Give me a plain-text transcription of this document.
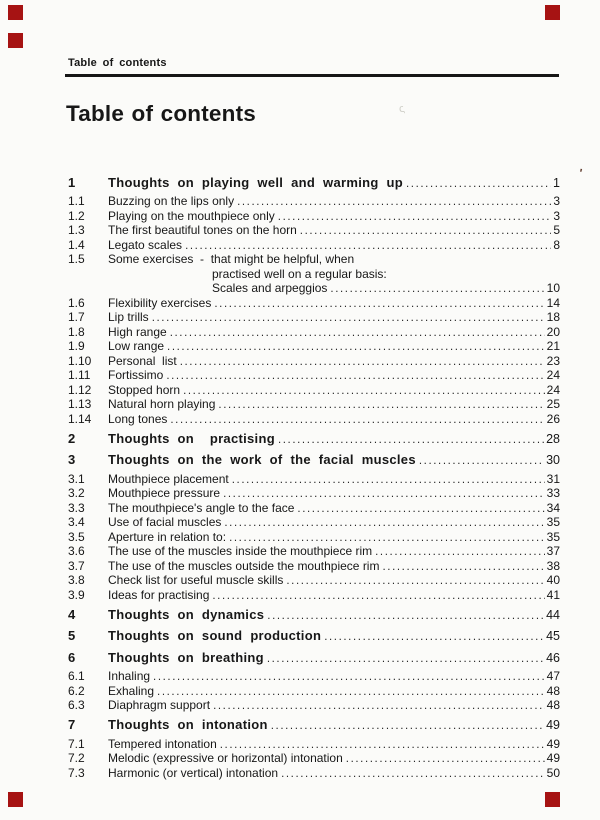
Table of contents
Table of contents
1	Thoughts on playing well and warming up .....	1
1.1	Buzzing on the lips only .....	3
1.2	Playing on the mouthpiece only .....	3
1.3	The first beautiful tones on the horn .....	5
1.4	Legato scales .....	8
1.5	Some exercises  -  that might be helpful, when
practised well on a regular basis:
Scales and arpeggios .....	10
1.6	Flexibility exercises .....	14
1.7	Lip trills .....	18
1.8	High range .....	20
1.9	Low range .....	21
1.10	Personal  list .....	23
1.11	Fortissimo .....	24
1.12	Stopped horn .....	24
1.13	Natural horn playing .....	25
1.14	Long tones .....	26
2	Thoughts on  practising .....	28
3	Thoughts on the work of the facial muscles .....	30
3.1	Mouthpiece placement .....	31
3.2	Mouthpiece pressure .....	33
3.3	The mouthpiece's angle to the face .....	34
3.4	Use of facial muscles .....	35
3.5	Aperture in relation to: .....	35
3.6	The use of the muscles inside the mouthpiece rim .....	37
3.7	The use of the muscles outside the mouthpiece rim .....	38
3.8	Check list for useful muscle skills .....	40
3.9	Ideas for practising .....	41
4	Thoughts on dynamics .....	44
5	Thoughts on sound production .....	45
6	Thoughts on breathing .....	46
6.1	Inhaling .....	47
6.2	Exhaling .....	48
6.3	Diaphragm support .....	48
7	Thoughts on intonation .....	49
7.1	Tempered intonation .....	49
7.2	Melodic (expressive or horizontal) intonation .....	49
7.3	Harmonic (or vertical) intonation .....	50
ς
'
